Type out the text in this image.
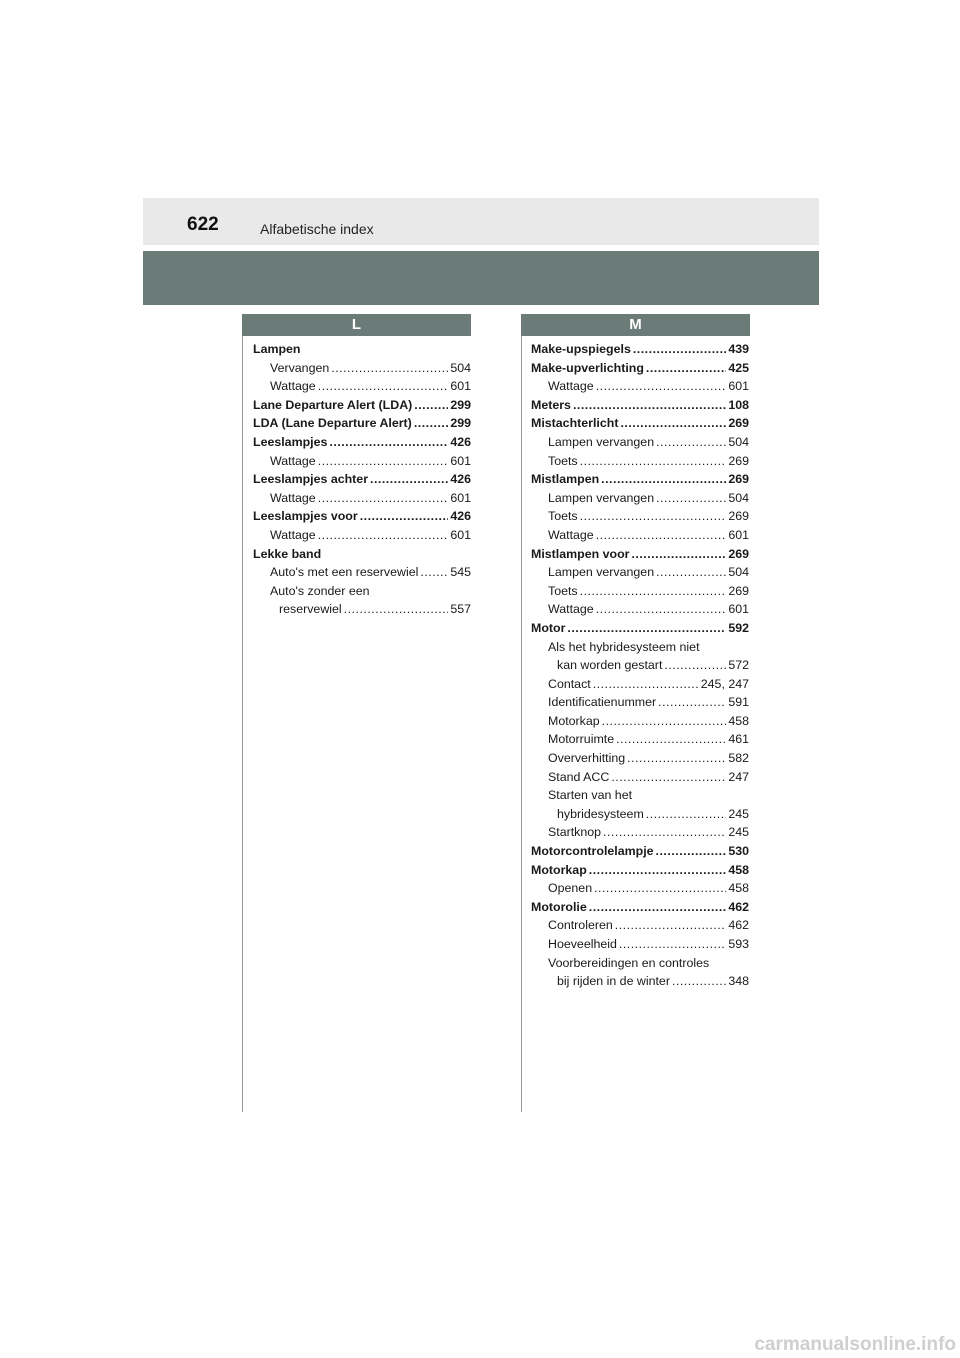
622	Alfabetische index
L	M
Lampen
Vervangen .....	504
Wattage .....	601
Lane Departure Alert (LDA) .....	299
LDA (Lane Departure Alert) .....	299
Leeslampjes .....	426
Wattage .....	601
Leeslampjes achter .....	426
Wattage .....	601
Leeslampjes voor .....	426
Wattage .....	601
Lekke band
Auto's met een reservewiel .....	545
Auto's zonder een
reservewiel .....	557
Make-upspiegels .....	439
Make-upverlichting .....	425
Wattage .....	601
Meters .....	108
Mistachterlicht .....	269
Lampen vervangen .....	504
Toets .....	269
Mistlampen .....	269
Lampen vervangen .....	504
Toets .....	269
Wattage .....	601
Mistlampen voor .....	269
Lampen vervangen .....	504
Toets .....	269
Wattage .....	601
Motor .....	592
Als het hybridesysteem niet
kan worden gestart .....	572
Contact .....	245, 247
Identificatienummer .....	591
Motorkap .....	458
Motorruimte .....	461
Oververhitting .....	582
Stand ACC .....	247
Starten van het
hybridesysteem .....	245
Startknop .....	245
Motorcontrolelampje .....	530
Motorkap .....	458
Openen .....	458
Motorolie .....	462
Controleren .....	462
Hoeveelheid .....	593
Voorbereidingen en controles
bij rijden in de winter .....	348
carmanualsonline.info
